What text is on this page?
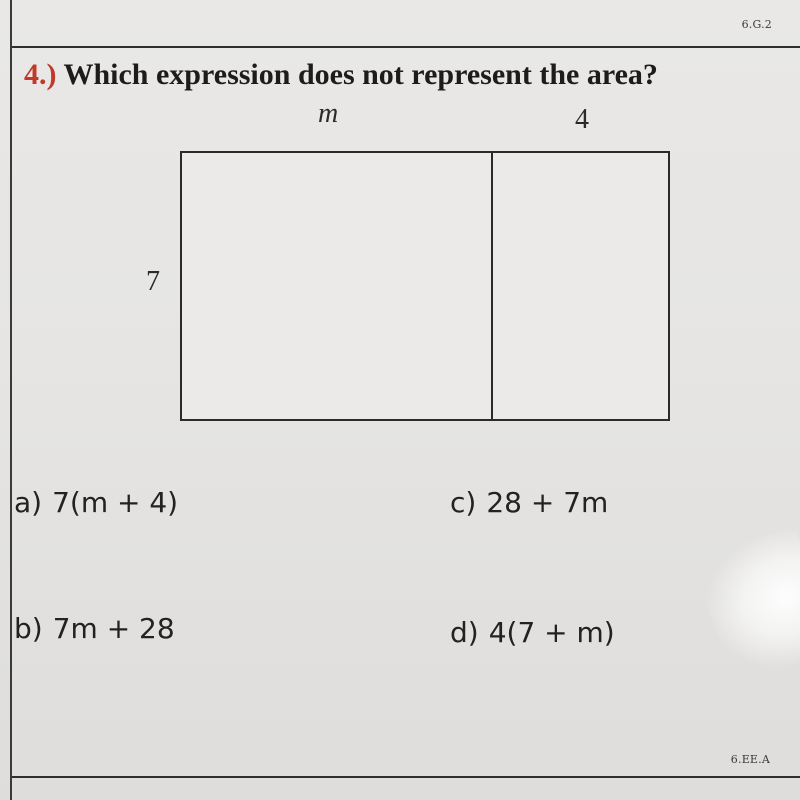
6.G.2
4.) Which expression does not represent the area?
m	4
7
a) 7(m + 4)	c) 28 + 7m
b) 7m + 28	d) 4(7 + m)
6.EE.A
